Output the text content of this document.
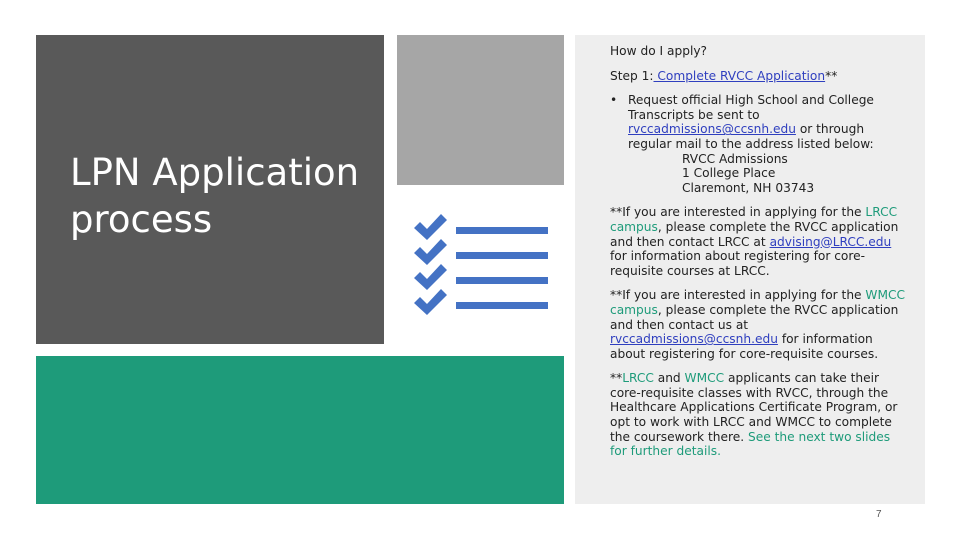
LPN Application
process

How do I apply?

Step 1: Complete RVCC Application**

• Request official High School and College Transcripts be sent to rvccadmissions@ccsnh.edu or through regular mail to the address listed below:
RVCC Admissions
1 College Place
Claremont, NH 03743

**If you are interested in applying for the LRCC campus, please complete the RVCC application and then contact LRCC at advising@LRCC.edu for information about registering for core-requisite courses at LRCC.

**If you are interested in applying for the WMCC campus, please complete the RVCC application and then contact us at rvccadmissions@ccsnh.edu for information about registering for core-requisite courses.

**LRCC and WMCC applicants can take their core-requisite classes with RVCC, through the Healthcare Applications Certificate Program, or opt to work with LRCC and WMCC to complete the coursework there. See the next two slides for further details.

7
